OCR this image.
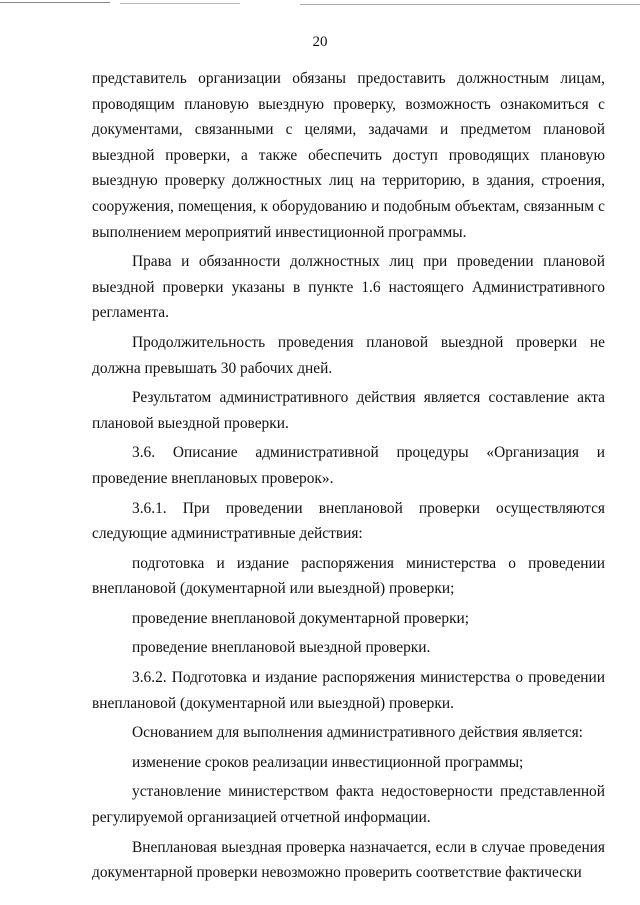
20

представитель организации обязаны предоставить должностным лицам, проводящим плановую выездную проверку, возможность ознакомиться с документами, связанными с целями, задачами и предметом плановой выездной проверки, а также обеспечить доступ проводящих плановую выездную проверку должностных лиц на территорию, в здания, строения, сооружения, помещения, к оборудованию и подобным объектам, связанным с выполнением мероприятий инвестиционной программы.

Права и обязанности должностных лиц при проведении плановой выездной проверки указаны в пункте 1.6 настоящего Административного регламента.

Продолжительность проведения плановой выездной проверки не должна превышать 30 рабочих дней.

Результатом административного действия является составление акта плановой выездной проверки.

3.6. Описание административной процедуры «Организация и проведение внеплановых проверок».

3.6.1. При проведении внеплановой проверки осуществляются следующие административные действия:

подготовка и издание распоряжения министерства о проведении внеплановой (документарной или выездной) проверки;

проведение внеплановой документарной проверки;

проведение внеплановой выездной проверки.

3.6.2. Подготовка и издание распоряжения министерства о проведении внеплановой (документарной или выездной) проверки.

Основанием для выполнения административного действия является:

изменение сроков реализации инвестиционной программы;

установление министерством факта недостоверности представленной регулируемой организацией отчетной информации.

Внеплановая выездная проверка назначается, если в случае проведения документарной проверки невозможно проверить соответствие фактически
